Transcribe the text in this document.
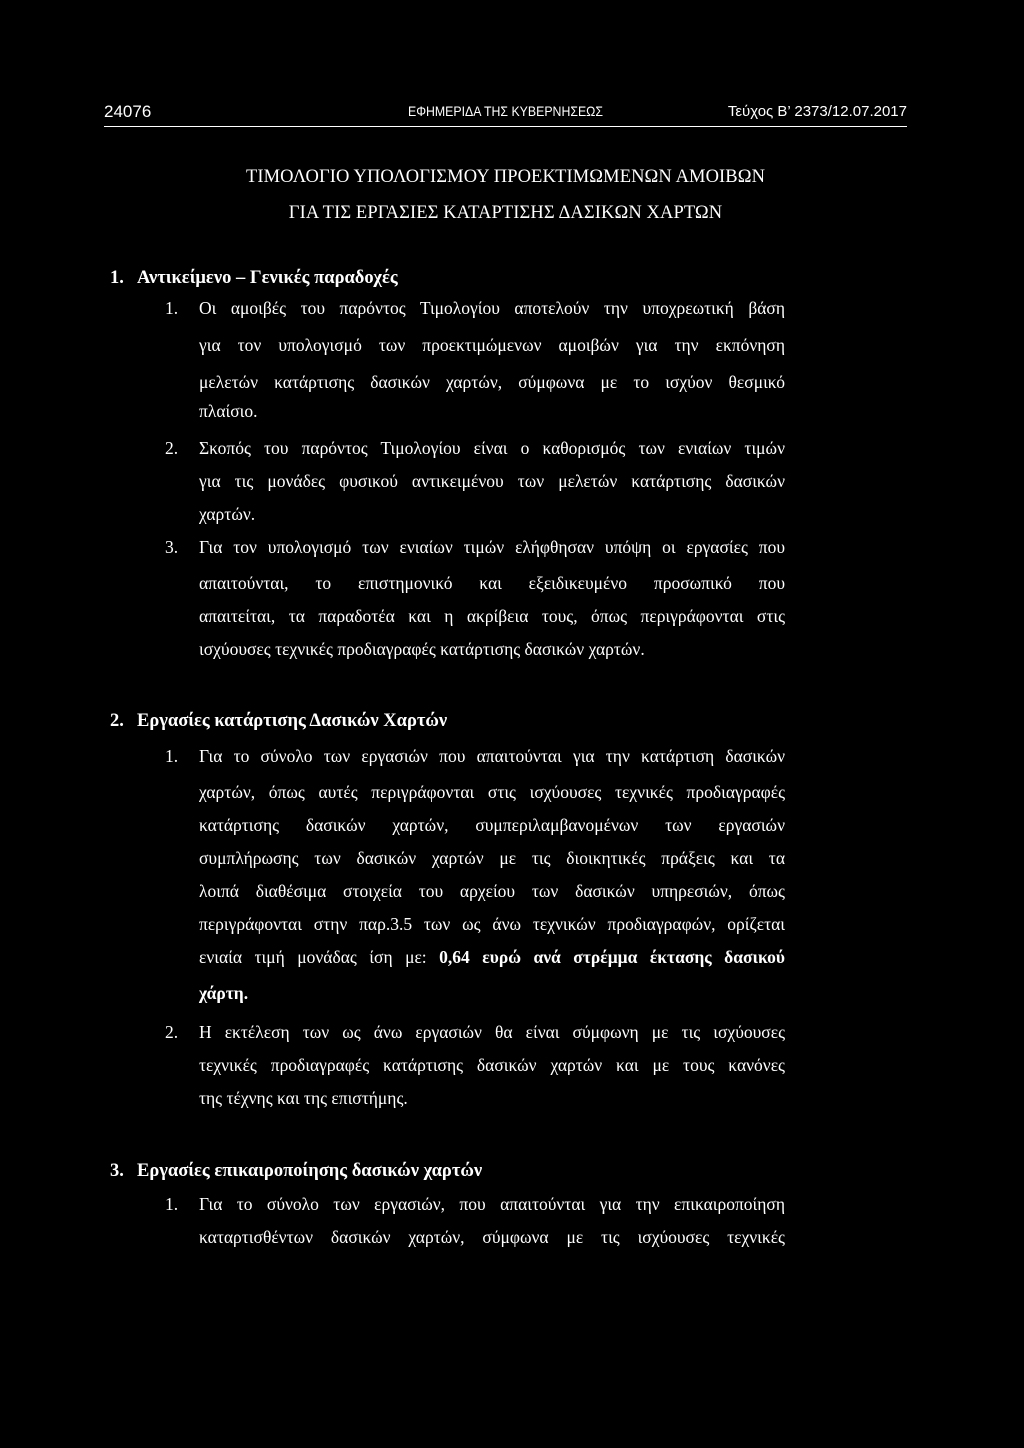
24076	ΕΦΗΜΕΡΙΔΑ ΤΗΣ ΚΥΒΕΡΝΗΣΕΩΣ	Τεύχος B’ 2373/12.07.2017
ΤΙΜΟΛΟΓΙΟ ΥΠΟΛΟΓΙΣΜΟΥ ΠΡΟΕΚΤΙΜΩΜΕΝΩΝ ΑΜΟΙΒΩΝ
ΓΙΑ ΤΙΣ ΕΡΓΑΣΙΕΣ ΚΑΤΑΡΤΙΣΗΣ ΔΑΣΙΚΩΝ ΧΑΡΤΩΝ
1. Αντικείμενο – Γενικές παραδοχές
1. Οι αμοιβές του παρόντος Τιμολογίου αποτελούν την υποχρεωτική βάση
για τον υπολογισμό των προεκτιμώμενων αμοιβών για την εκπόνηση
μελετών κατάρτισης δασικών χαρτών, σύμφωνα με το ισχύον θεσμικό
πλαίσιο.
2. Σκοπός του παρόντος Τιμολογίου είναι ο καθορισμός των ενιαίων τιμών
για τις μονάδες φυσικού αντικειμένου των μελετών κατάρτισης δασικών
χαρτών.
3. Για τον υπολογισμό των ενιαίων τιμών ελήφθησαν υπόψη οι εργασίες που
απαιτούνται, το επιστημονικό και εξειδικευμένο προσωπικό που
απαιτείται, τα παραδοτέα και η ακρίβεια τους, όπως περιγράφονται στις
ισχύουσες τεχνικές προδιαγραφές κατάρτισης δασικών χαρτών.
2. Εργασίες κατάρτισης Δασικών Χαρτών
1. Για το σύνολο των εργασιών που απαιτούνται για την κατάρτιση δασικών
χαρτών, όπως αυτές περιγράφονται στις ισχύουσες τεχνικές προδιαγραφές
κατάρτισης δασικών χαρτών, συμπεριλαμβανομένων των εργασιών
συμπλήρωσης των δασικών χαρτών με τις διοικητικές πράξεις και τα
λοιπά διαθέσιμα στοιχεία του αρχείου των δασικών υπηρεσιών, όπως
περιγράφονται στην παρ.3.5 των ως άνω τεχνικών προδιαγραφών, ορίζεται
ενιαία τιμή μονάδας ίση με: 0,64 ευρώ ανά στρέμμα έκτασης δασικού
χάρτη.
2. Η εκτέλεση των ως άνω εργασιών θα είναι σύμφωνη με τις ισχύουσες
τεχνικές προδιαγραφές κατάρτισης δασικών χαρτών και με τους κανόνες
της τέχνης και της επιστήμης.
3. Εργασίες επικαιροποίησης δασικών χαρτών
1. Για το σύνολο των εργασιών, που απαιτούνται για την επικαιροποίηση
καταρτισθέντων δασικών χαρτών, σύμφωνα με τις ισχύουσες τεχνικές
